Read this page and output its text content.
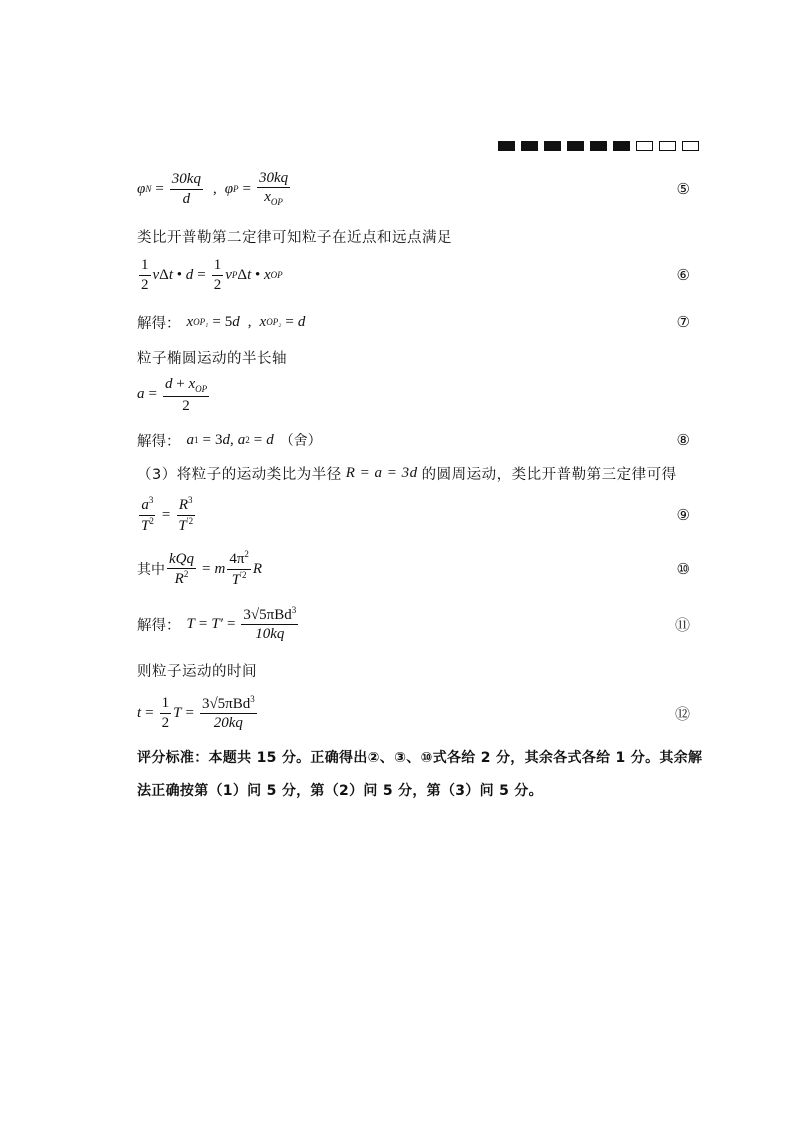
φ $N = \frac{30kq}{d}$ , φ $P = \frac{30kq}{x_{OP}}$	⑤
类比开普勒第二定律可知粒子在近点和远点满足
$\frac{1}{2}$ v Δ t • $d = \frac{1}{2}$ v P Δ t • x OP	⑥
解得： x OP₁ = 5 d , x OP₂ = d	⑦
粒子椭圆运动的半长轴
$a = \frac{d + x_{OP}}{2}$
解得： a 1 = 3 d , a 2 = d （舍）	⑧
（3）将粒子的运动类比为半径 R = a = 3d 的圆周运动，类比开普勒第三定律可得
$\frac{a^3}{T^2} = \frac{R^3}{T^{'2}}$	⑨
其中 $\frac{\text{kQq}}{R^2} = m \frac{4\pi^2}{T^{'2}}$ R	⑩
解得： $T = T' = \frac{3√5\pi Bd^3}{10kq}$	⑪
则粒子运动的时间
$t = \frac{1}{2}$ $T = \frac{3√5\pi Bd^3}{20kq}$	⑫
评分标准：本题共 15 分。正确得出②、③、⑩式各给 2 分，其余各式各给 1 分。其余解
法正确按第（1）问 5 分，第（2）问 5 分，第（3）问 5 分。
